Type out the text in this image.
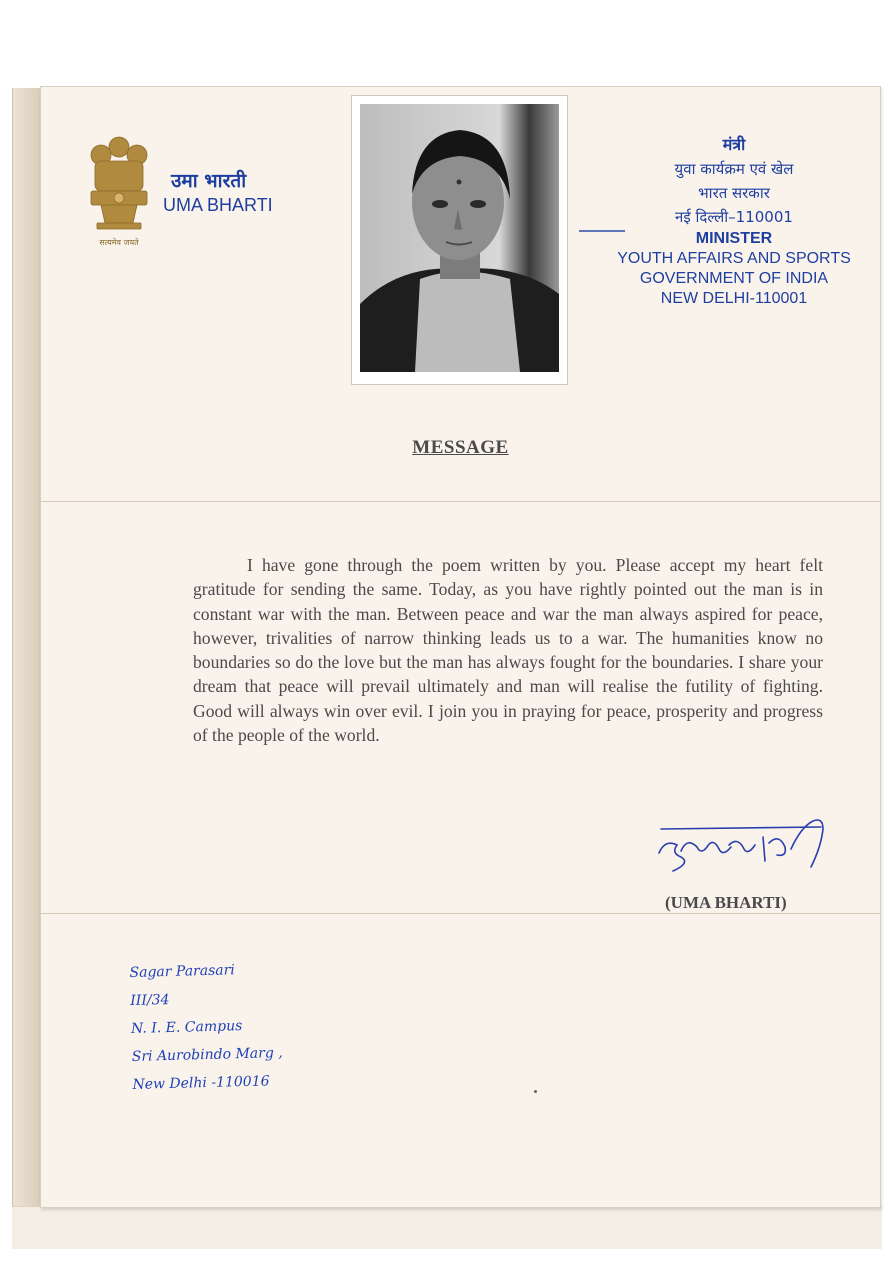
सत्यमेव जयते
उमा भारती
UMA BHARTI
मंत्री
युवा कार्यक्रम एवं खेल
भारत सरकार
नई दिल्ली–110001
MINISTER
YOUTH AFFAIRS AND SPORTS
GOVERNMENT OF INDIA
NEW DELHI-110001
MESSAGE

I have gone through the poem written by you. Please accept my heart felt gratitude for sending the same. Today, as you have rightly pointed out the man is in constant war with the man. Between peace and war the man always aspired for peace, however, trivalities of narrow thinking leads us to a war. The humanities know no boundaries so do the love but the man has always fought for the boundaries. I share your dream that peace will prevail ultimately and man will realise the futility of fighting. Good will always win over evil. I join you in praying for peace, prosperity and progress of the people of the world.

(UMA BHARTI)
Sagar Parasari
III/34
N. I. E. Campus
Sri Aurobindo Marg ,
New Delhi -110016
